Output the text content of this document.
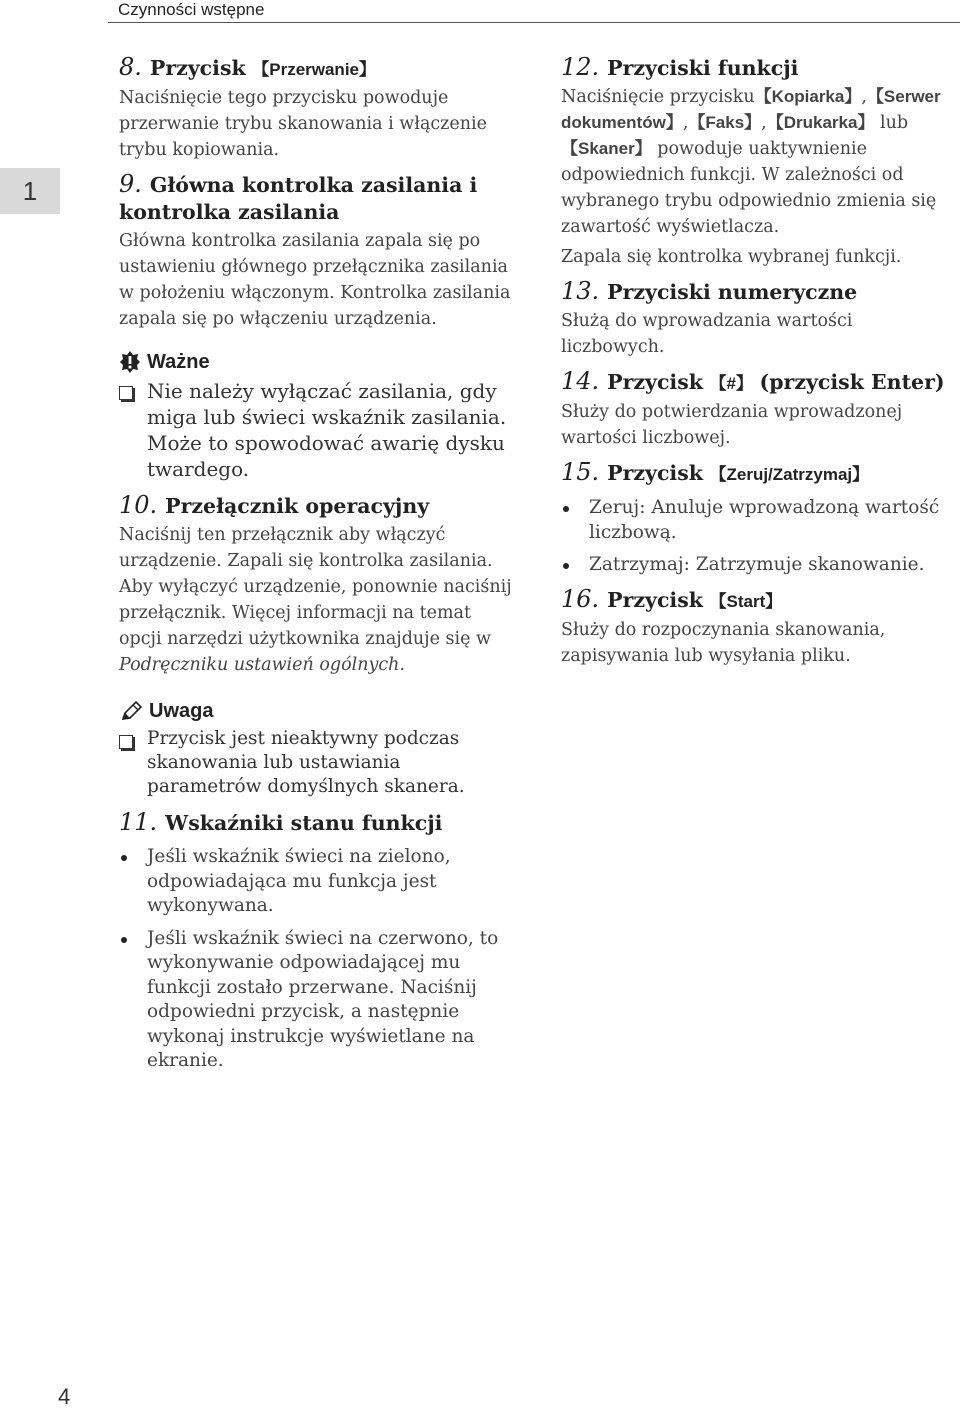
Czynności wstępne
1
8. Przycisk 【Przerwanie】

Naciśnięcie tego przycisku powoduje przerwanie trybu skanowania i włączenie trybu kopiowania.

9. Główna kontrolka zasilania i kontrolka zasilania

Główna kontrolka zasilania zapala się po ustawieniu głównego przełącznika zasilania w położeniu włączonym. Kontrolka zasilania zapala się po włączeniu urządzenia.

Ważne
Nie należy wyłączać zasilania, gdy miga lub świeci wskaźnik zasilania. Może to spowodować awarię dysku twardego.
10. Przełącznik operacyjny

Naciśnij ten przełącznik aby włączyć urządzenie. Zapali się kontrolka zasilania. Aby wyłączyć urządzenie, ponownie naciśnij przełącznik. Więcej informacji na temat opcji narzędzi użytkownika znajduje się w Podręczniku ustawień ogólnych.

Uwaga
Przycisk jest nieaktywny podczas skanowania lub ustawiania parametrów domyślnych skanera.
11. Wskaźniki stanu funkcji
Jeśli wskaźnik świeci na zielono, odpowiadająca mu funkcja jest wykonywana.
Jeśli wskaźnik świeci na czerwono, to wykonywanie odpowiadającej mu funkcji zostało przerwane. Naciśnij odpowiedni przycisk, a następnie wykonaj instrukcje wyświetlane na ekranie.
12. Przyciski funkcji

Naciśnięcie przycisku【Kopiarka】,【Serwer dokumentów】,【Faks】,【Drukarka】 lub 【Skaner】 powoduje uaktywnienie odpowiednich funkcji. W zależności od wybranego trybu odpowiednio zmienia się zawartość wyświetlacza.

Zapala się kontrolka wybranej funkcji.

13. Przyciski numeryczne

Służą do wprowadzania wartości liczbowych.

14. Przycisk 【#】 (przycisk Enter)

Służy do potwierdzania wprowadzonej wartości liczbowej.

15. Przycisk 【Zeruj/Zatrzymaj】
Zeruj: Anuluje wprowadzoną wartość liczbową.
Zatrzymaj: Zatrzymuje skanowanie.
16. Przycisk 【Start】

Służy do rozpoczynania skanowania, zapisywania lub wysyłania pliku.

4
